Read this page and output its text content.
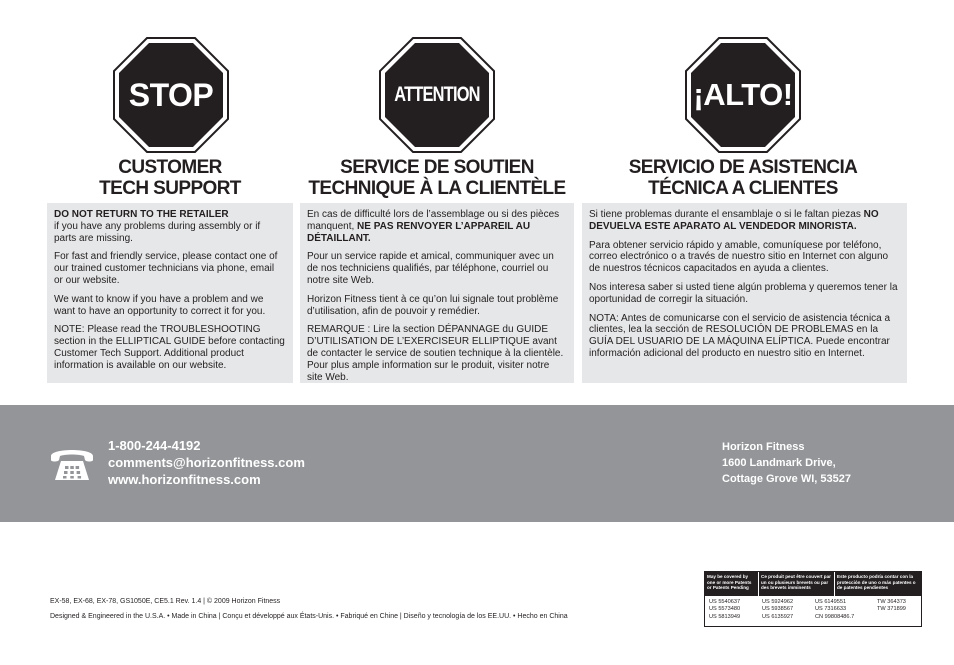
STOP	ATTENTION	¡ALTO!
CUSTOMER
TECH SUPPORT
SERVICE DE SOUTIEN
TECHNIQUE À LA CLIENTÈLE
SERVICIO DE ASISTENCIA
TÉCNICA A CLIENTES

DO NOT RETURN TO THE RETAILER
if you have any problems during assembly or if parts are missing.

For fast and friendly service, please contact one of our trained customer technicians via phone, email or our website.

We want to know if you have a problem and we want to have an opportunity to correct it for you.

NOTE: Please read the TROUBLESHOOTING section in the ELLIPTICAL GUIDE before contacting Customer Tech Support. Additional product information is available on our website.

En cas de difficulté lors de l’assemblage ou si des pièces manquent, NE PAS RENVOYER L’APPAREIL AU DÉTAILLANT.

Pour un service rapide et amical, communiquer avec un de nos techniciens qualifiés, par téléphone, courriel ou notre site Web.

Horizon Fitness tient à ce qu’on lui signale tout problème d’utilisation, afin de pouvoir y remédier.

REMARQUE : Lire la section DÉPANNAGE du GUIDE D’UTILISATION DE L’EXERCISEUR ELLIPTIQUE avant de contacter le service de soutien technique à la clientèle. Pour plus ample information sur le produit, visiter notre site Web.

Si tiene problemas durante el ensamblaje o si le faltan piezas NO DEVUELVA ESTE APARATO AL VENDEDOR MINORISTA.

Para obtener servicio rápido y amable, comuníquese por teléfono, correo electrónico o a través de nuestro sitio en Internet con alguno de nuestros técnicos capacitados en ayuda a clientes.

Nos interesa saber si usted tiene algún problema y queremos tener la oportunidad de corregir la situación.

NOTA: Antes de comunicarse con el servicio de asistencia técnica a clientes, lea la sección de RESOLUCIÓN DE PROBLEMAS en la GUÍA DEL USUARIO DE LA MÁQUINA ELÍPTICA. Puede encontrar información adicional del producto en nuestro sitio en Internet.

1-800-244-4192
comments@horizonfitness.com
www.horizonfitness.com
Horizon Fitness
1600 Landmark Drive,
Cottage Grove WI, 53527
EX-58, EX-68, EX-78, GS1050E, CE5.1 Rev. 1.4 | © 2009 Horizon Fitness
Designed & Engineered in the U.S.A. • Made in China | Conçu et développé aux États-Unis. • Fabriqué en Chine | Diseño y tecnología de los EE.UU. • Hecho en China
May be covered by one or more Patents or Patents Pending
Ce produit peut être couvert par un ou plusieurs brevets ou par des brevets imminents
Este producto podría contar con la protección de uno o más patentes o de patentes pendientes
US 5540637
US 5573480
US 5813949
US 5924962
US 5938567
US 6135927
US 6149551
US 7316633
CN 99808486.7
TW 364373
TW 371899
